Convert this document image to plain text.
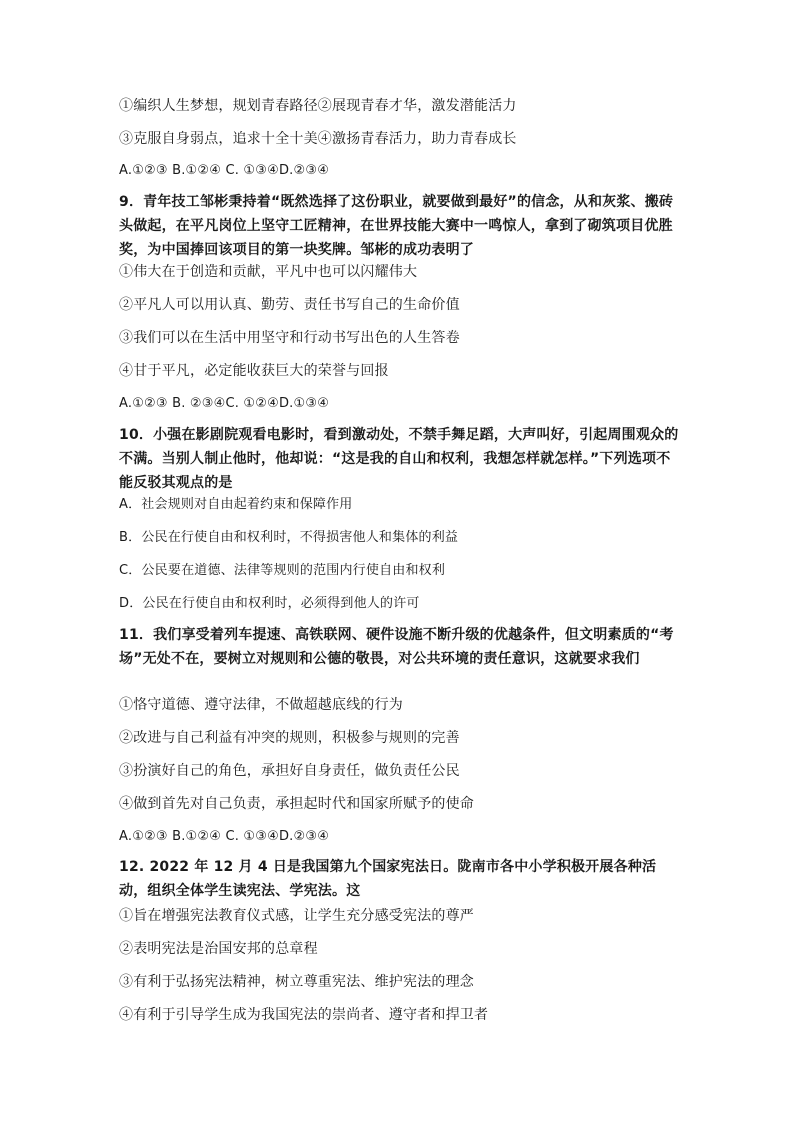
①编织人生梦想，规划青春路径②展现青春才华，激发潜能活力
③克服自身弱点，追求十全十美④激扬青春活力，助力青春成长
A.①②③ B.①②④ C. ①③④D.②③④
9．青年技工邹彬秉持着“既然选择了这份职业，就要做到最好”的信念，从和灰浆、搬砖头做起，在平凡岗位上坚守工匠精神，在世界技能大赛中一鸣惊人，拿到了砌筑项目优胜奖，为中国捧回该项目的第一块奖牌。邹彬的成功表明了
①伟大在于创造和贡献，平凡中也可以闪耀伟大
②平凡人可以用认真、勤劳、责任书写自己的生命价值
③我们可以在生活中用坚守和行动书写出色的人生答卷
④甘于平凡，必定能收获巨大的荣誉与回报
A.①②③ B. ②③④C. ①②④D.①③④
10．小强在影剧院观看电影时，看到激动处，不禁手舞足蹈，大声叫好，引起周围观众的不满。当别人制止他时，他却说：“这是我的自山和权利，我想怎样就怎样。”下列选项不能反驳其观点的是
A．社会规则对自由起着约束和保障作用
B．公民在行使自由和权利时，不得损害他人和集体的利益
C．公民要在道德、法律等规则的范围内行使自由和权利
D．公民在行使自由和权利时，必须得到他人的许可
11．我们享受着列车提速、高铁联网、硬件设施不断升级的优越条件，但文明素质的“考场”无处不在，要树立对规则和公德的敬畏，对公共环境的责任意识，这就要求我们
①恪守道德、遵守法律，不做超越底线的行为
②改进与自己利益有冲突的规则，积极参与规则的完善
③扮演好自己的角色，承担好自身责任，做负责任公民
④做到首先对自己负责，承担起时代和国家所赋予的使命
A.①②③ B.①②④ C. ①③④D.②③④
12. 2022 年 12 月 4 日是我国第九个国家宪法日。陇南市各中小学积极开展各种活动，组织全体学生读宪法、学宪法。这
①旨在增强宪法教育仪式感，让学生充分感受宪法的尊严
②表明宪法是治国安邦的总章程
③有利于弘扬宪法精神，树立尊重宪法、维护宪法的理念
④有利于引导学生成为我国宪法的崇尚者、遵守者和捍卫者
